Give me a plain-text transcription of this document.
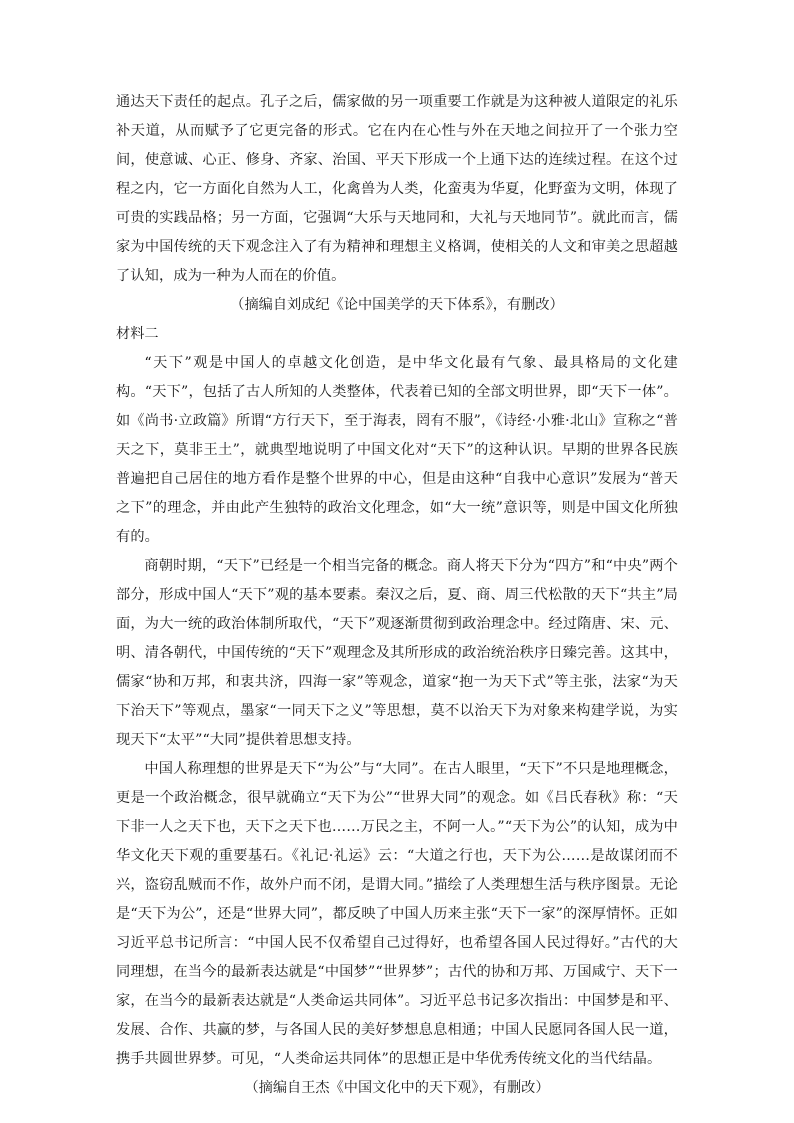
通达天下责任的起点。孔子之后，儒家做的另一项重要工作就是为这种被人道限定的礼乐补天道，从而赋予了它更完备的形式。它在内在心性与外在天地之间拉开了一个张力空间，使意诚、心正、修身、齐家、治国、平天下形成一个上通下达的连续过程。在这个过程之内，它一方面化自然为人工，化禽兽为人类，化蛮夷为华夏，化野蛮为文明，体现了可贵的实践品格；另一方面，它强调“大乐与天地同和，大礼与天地同节”。就此而言，儒家为中国传统的天下观念注入了有为精神和理想主义格调，使相关的人文和审美之思超越了认知，成为一种为人而在的价值。

（摘编自刘成纪《论中国美学的天下体系》，有删改）

材料二

“天下”观是中国人的卓越文化创造，是中华文化最有气象、最具格局的文化建构。“天下”，包括了古人所知的人类整体，代表着已知的全部文明世界，即“天下一体”。如《尚书·立政篇》所谓“方行天下，至于海表，罔有不服”，《诗经·小雅·北山》宣称之“普天之下，莫非王土”，就典型地说明了中国文化对“天下”的这种认识。早期的世界各民族普遍把自己居住的地方看作是整个世界的中心，但是由这种“自我中心意识”发展为“普天之下”的理念，并由此产生独特的政治文化理念，如“大一统”意识等，则是中国文化所独有的。

商朝时期，“天下”已经是一个相当完备的概念。商人将天下分为“四方”和“中央”两个部分，形成中国人“天下”观的基本要素。秦汉之后，夏、商、周三代松散的天下“共主”局面，为大一统的政治体制所取代，“天下”观逐渐贯彻到政治理念中。经过隋唐、宋、元、明、清各朝代，中国传统的“天下”观理念及其所形成的政治统治秩序日臻完善。这其中，儒家“协和万邦，和衷共济，四海一家”等观念，道家“抱一为天下式”等主张，法家“为天下治天下”等观点，墨家“一同天下之义”等思想，莫不以治天下为对象来构建学说，为实现天下“太平”“大同”提供着思想支持。

中国人称理想的世界是天下“为公”与“大同”。在古人眼里，“天下”不只是地理概念，更是一个政治概念，很早就确立“天下为公”“世界大同”的观念。如《吕氏春秋》称：“天下非一人之天下也，天下之天下也……万民之主，不阿一人。”“天下为公”的认知，成为中华文化天下观的重要基石。《礼记·礼运》云：“大道之行也，天下为公……是故谋闭而不兴，盗窃乱贼而不作，故外户而不闭，是谓大同。”描绘了人类理想生活与秩序图景。无论是“天下为公”，还是“世界大同”，都反映了中国人历来主张“天下一家”的深厚情怀。正如习近平总书记所言：“中国人民不仅希望自己过得好，也希望各国人民过得好。”古代的大同理想，在当今的最新表达就是“中国梦”“世界梦”；古代的协和万邦、万国咸宁、天下一家，在当今的最新表达就是“人类命运共同体”。习近平总书记多次指出：中国梦是和平、发展、合作、共赢的梦，与各国人民的美好梦想息息相通；中国人民愿同各国人民一道，携手共圆世界梦。可见，“人类命运共同体”的思想正是中华优秀传统文化的当代结晶。

（摘编自王杰《中国文化中的天下观》，有删改）
